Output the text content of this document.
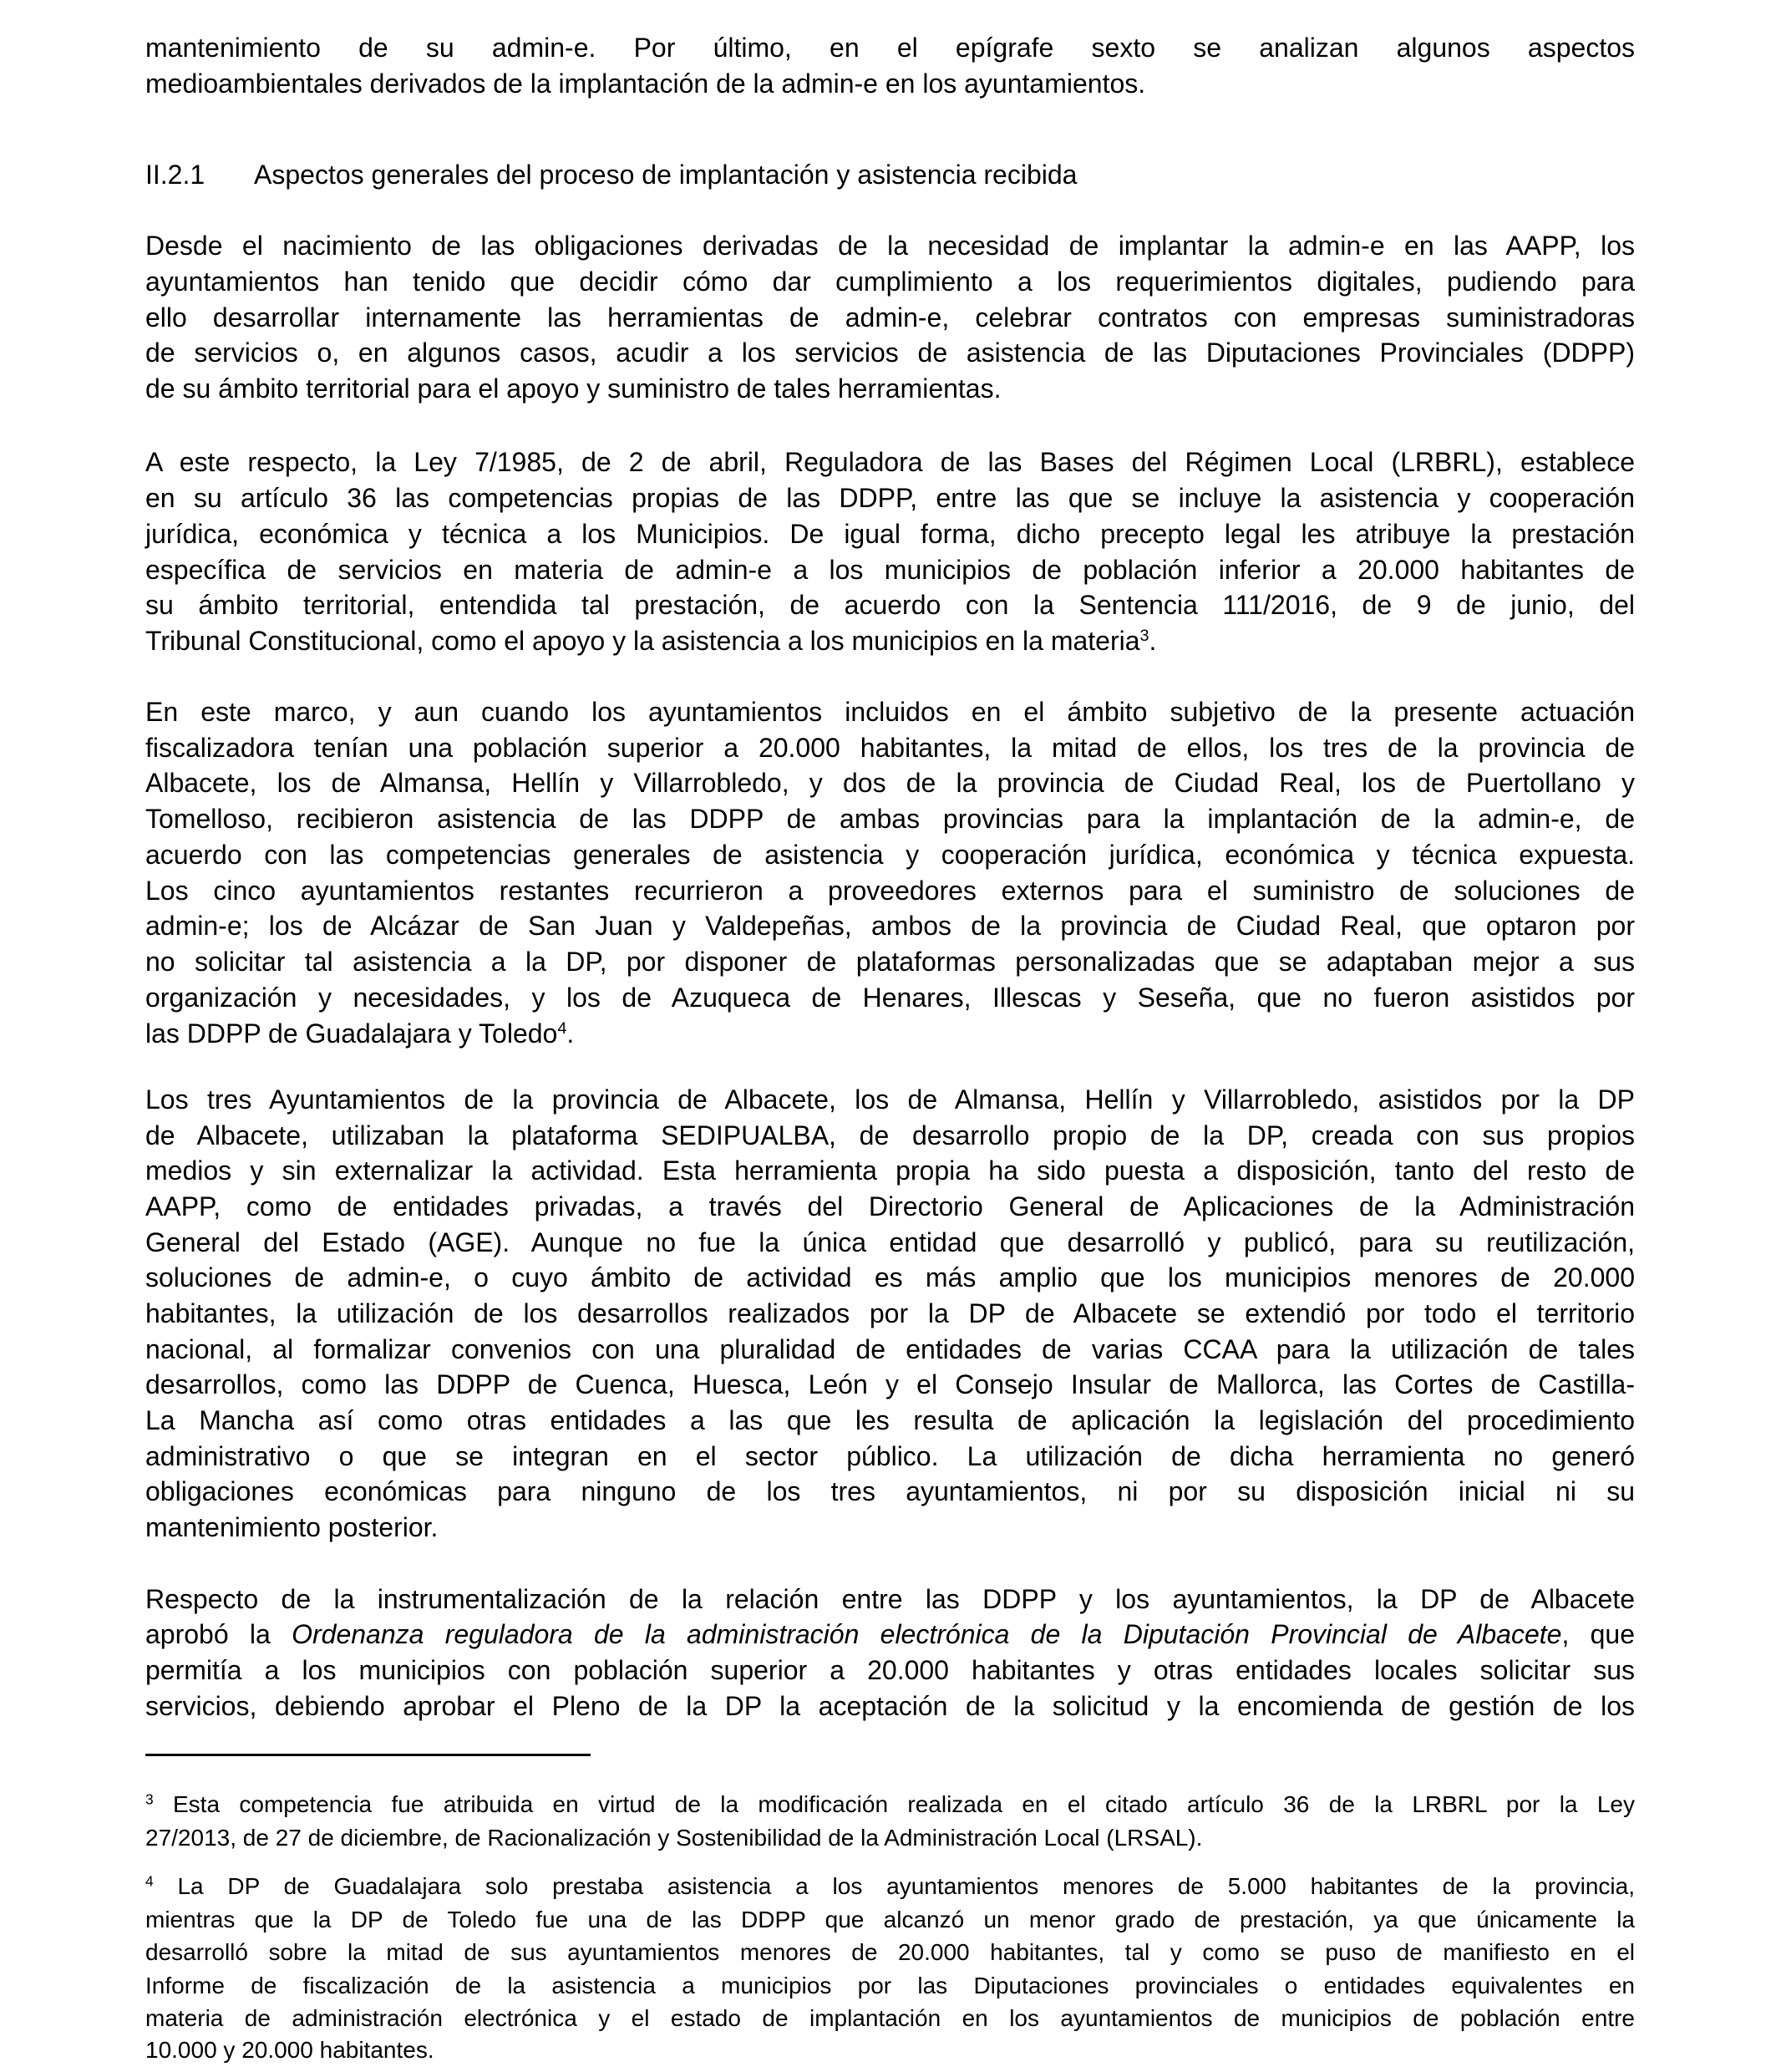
mantenimiento de su admin-e. Por último, en el epígrafe sexto se analizan algunos aspectos
medioambientales derivados de la implantación de la admin-e en los ayuntamientos.
II.2.1 Aspectos generales del proceso de implantación y asistencia recibida
Desde el nacimiento de las obligaciones derivadas de la necesidad de implantar la admin-e en las AAPP, los
ayuntamientos han tenido que decidir cómo dar cumplimiento a los requerimientos digitales, pudiendo para
ello desarrollar internamente las herramientas de admin-e, celebrar contratos con empresas suministradoras
de servicios o, en algunos casos, acudir a los servicios de asistencia de las Diputaciones Provinciales (DDPP)
de su ámbito territorial para el apoyo y suministro de tales herramientas.
A este respecto, la Ley 7/1985, de 2 de abril, Reguladora de las Bases del Régimen Local (LRBRL), establece
en su artículo 36 las competencias propias de las DDPP, entre las que se incluye la asistencia y cooperación
jurídica, económica y técnica a los Municipios. De igual forma, dicho precepto legal les atribuye la prestación
específica de servicios en materia de admin-e a los municipios de población inferior a 20.000 habitantes de
su ámbito territorial, entendida tal prestación, de acuerdo con la Sentencia 111/2016, de 9 de junio, del
Tribunal Constitucional, como el apoyo y la asistencia a los municipios en la materia$^3$.
En este marco, y aun cuando los ayuntamientos incluidos en el ámbito subjetivo de la presente actuación
fiscalizadora tenían una población superior a 20.000 habitantes, la mitad de ellos, los tres de la provincia de
Albacete, los de Almansa, Hellín y Villarrobledo, y dos de la provincia de Ciudad Real, los de Puertollano y
Tomelloso, recibieron asistencia de las DDPP de ambas provincias para la implantación de la admin-e, de
acuerdo con las competencias generales de asistencia y cooperación jurídica, económica y técnica expuesta.
Los cinco ayuntamientos restantes recurrieron a proveedores externos para el suministro de soluciones de
admin-e; los de Alcázar de San Juan y Valdepeñas, ambos de la provincia de Ciudad Real, que optaron por
no solicitar tal asistencia a la DP, por disponer de plataformas personalizadas que se adaptaban mejor a sus
organización y necesidades, y los de Azuqueca de Henares, Illescas y Seseña, que no fueron asistidos por
las DDPP de Guadalajara y Toledo$^4$.
Los tres Ayuntamientos de la provincia de Albacete, los de Almansa, Hellín y Villarrobledo, asistidos por la DP
de Albacete, utilizaban la plataforma SEDIPUALBA, de desarrollo propio de la DP, creada con sus propios
medios y sin externalizar la actividad. Esta herramienta propia ha sido puesta a disposición, tanto del resto de
AAPP, como de entidades privadas, a través del Directorio General de Aplicaciones de la Administración
General del Estado (AGE). Aunque no fue la única entidad que desarrolló y publicó, para su reutilización,
soluciones de admin-e, o cuyo ámbito de actividad es más amplio que los municipios menores de 20.000
habitantes, la utilización de los desarrollos realizados por la DP de Albacete se extendió por todo el territorio
nacional, al formalizar convenios con una pluralidad de entidades de varias CCAA para la utilización de tales
desarrollos, como las DDPP de Cuenca, Huesca, León y el Consejo Insular de Mallorca, las Cortes de Castilla-
La Mancha así como otras entidades a las que les resulta de aplicación la legislación del procedimiento
administrativo o que se integran en el sector público. La utilización de dicha herramienta no generó
obligaciones económicas para ninguno de los tres ayuntamientos, ni por su disposición inicial ni su
mantenimiento posterior.
Respecto de la instrumentalización de la relación entre las DDPP y los ayuntamientos, la DP de Albacete
aprobó la Ordenanza reguladora de la administración electrónica de la Diputación Provincial de Albacete, que
permitía a los municipios con población superior a 20.000 habitantes y otras entidades locales solicitar sus
servicios, debiendo aprobar el Pleno de la DP la aceptación de la solicitud y la encomienda de gestión de los
$^3$ Esta competencia fue atribuida en virtud de la modificación realizada en el citado artículo 36 de la LRBRL por la Ley
27/2013, de 27 de diciembre, de Racionalización y Sostenibilidad de la Administración Local (LRSAL).
$^4$ La DP de Guadalajara solo prestaba asistencia a los ayuntamientos menores de 5.000 habitantes de la provincia,
mientras que la DP de Toledo fue una de las DDPP que alcanzó un menor grado de prestación, ya que únicamente la
desarrolló sobre la mitad de sus ayuntamientos menores de 20.000 habitantes, tal y como se puso de manifiesto en el
Informe de fiscalización de la asistencia a municipios por las Diputaciones provinciales o entidades equivalentes en
materia de administración electrónica y el estado de implantación en los ayuntamientos de municipios de población entre
10.000 y 20.000 habitantes.
